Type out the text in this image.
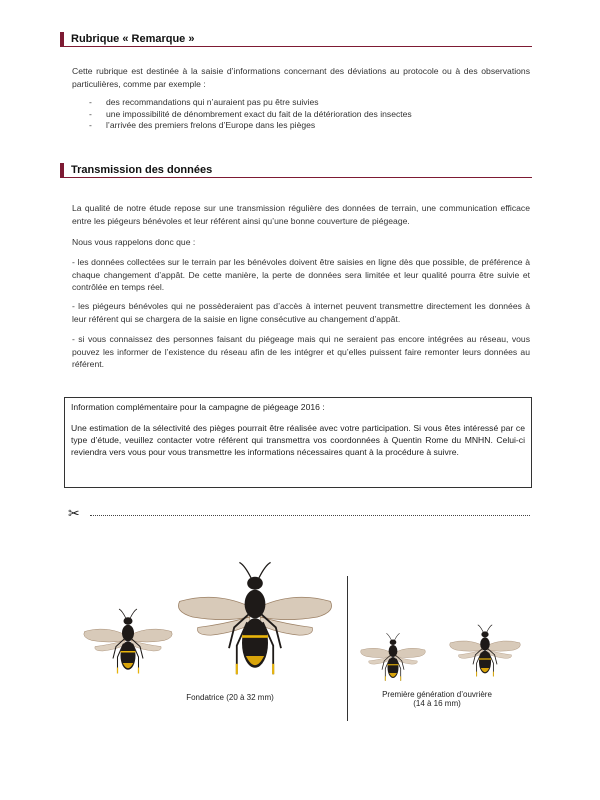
Rubrique « Remarque »

Cette rubrique est destinée à la saisie d’informations concernant des déviations au protocole ou à des observations particulières, comme par exemple :

- des recommandations qui n’auraient pas pu être suivies
- une impossibilité de dénombrement exact du fait de la détérioration des insectes
- l’arrivée des premiers frelons d’Europe dans les pièges
Transmission des données

La qualité de notre étude repose sur une transmission régulière des données de terrain, une communication efficace entre les piégeurs bénévoles et leur référent ainsi qu’une bonne couverture de piégeage.

Nous vous rappelons donc que :

- les données collectées sur le terrain par les bénévoles doivent être saisies en ligne dès que possible, de préférence à chaque changement d’appât. De cette manière, la perte de données sera limitée et leur qualité pourra être suivie et contrôlée en temps réel.

- les piégeurs bénévoles qui ne possèderaient pas d’accès à internet peuvent transmettre directement les données à leur référent qui se chargera de la saisie en ligne consécutive au changement d’appât.

- si vous connaissez des personnes faisant du piégeage mais qui ne seraient pas encore intégrées au réseau, vous pouvez les informer de l’existence du réseau afin de les intégrer et qu’elles puissent faire remonter leurs données au référent.

Information complémentaire pour la campagne de piégeage 2016 :

Une estimation de la sélectivité des pièges pourrait être réalisée avec votre participation. Si vous êtes intéressé par ce type d’étude, veuillez contacter votre référent qui transmettra vos coordonnées à Quentin Rome du MNHN. Celui-ci reviendra vers vous pour vous transmettre les informations nécessaires quant à la procédure à suivre.

✂
Fondatrice (20 à 32 mm)	Première génération d’ouvrière
(14 à 16 mm)
